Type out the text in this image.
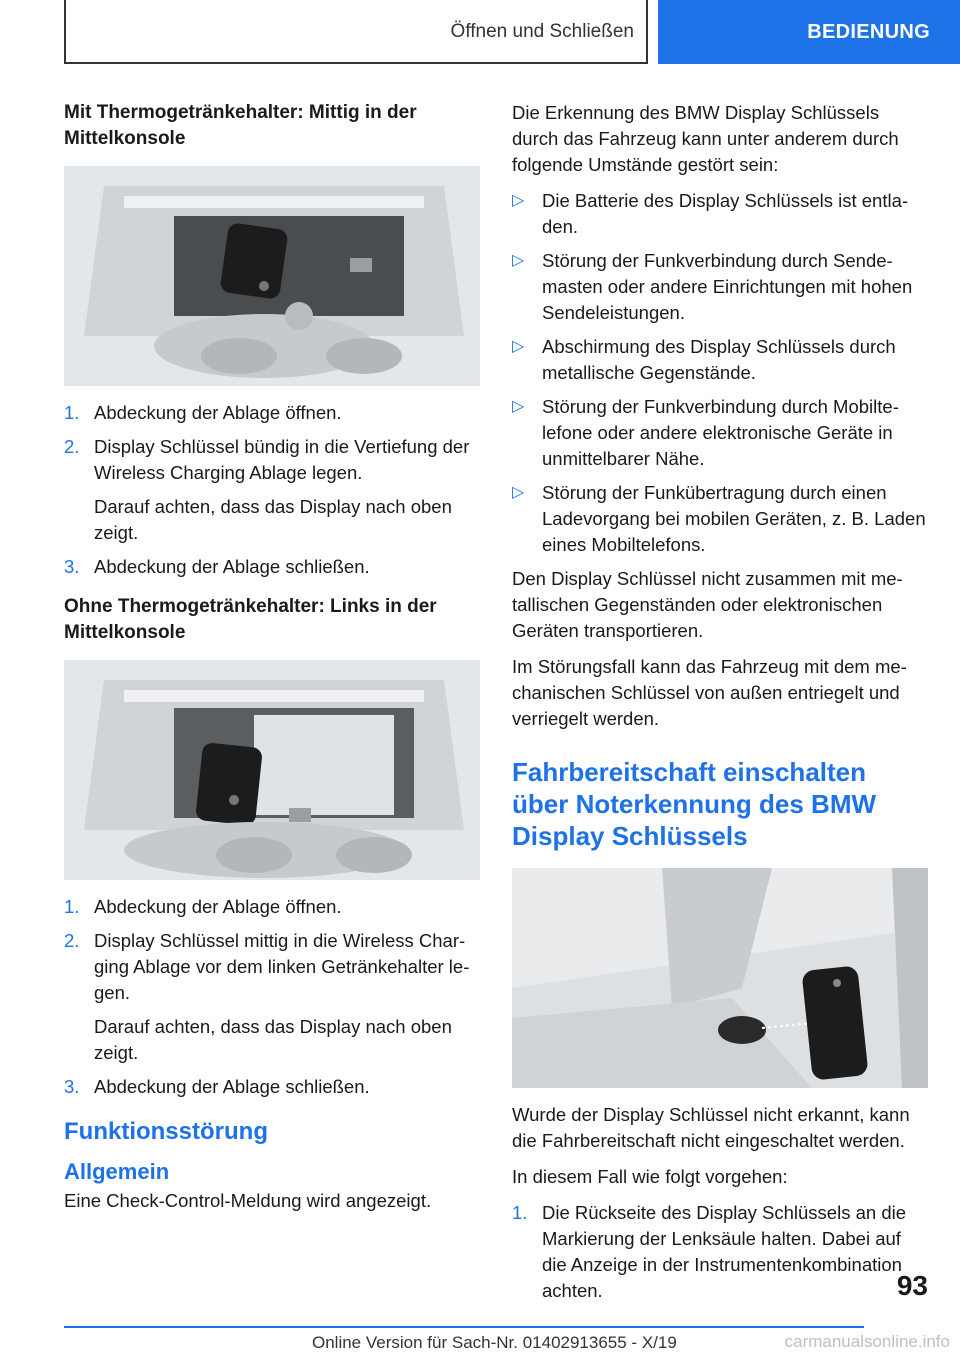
Öffnen und Schließen	BEDIENUNG

Mit Thermogetränkehalter: Mittig in der Mittelkonsole

1. Abdeckung der Ablage öffnen.
2. Display Schlüssel bündig in die Vertiefung der Wireless Charging Ablage legen.
Darauf achten, dass das Display nach oben zeigt.
3. Abdeckung der Ablage schließen.

Ohne Thermogetränkehalter: Links in der Mittelkonsole

1. Abdeckung der Ablage öffnen.
2. Display Schlüssel mittig in die Wireless Charging Ablage vor dem linken Getränkehalter legen.
Darauf achten, dass das Display nach oben zeigt.
3. Abdeckung der Ablage schließen.
Funktionsstörung
Allgemein

Eine Check-Control-Meldung wird angezeigt.

Die Erkennung des BMW Display Schlüssels durch das Fahrzeug kann unter anderem durch folgende Umstände gestört sein:

▷ Die Batterie des Display Schlüssels ist entladen.
▷ Störung der Funkverbindung durch Sendemasten oder andere Einrichtungen mit hohen Sendeleistungen.
▷ Abschirmung des Display Schlüssels durch metallische Gegenstände.
▷ Störung der Funkverbindung durch Mobiltelefone oder andere elektronische Geräte in unmittelbarer Nähe.
▷ Störung der Funkübertragung durch einen Ladevorgang bei mobilen Geräten, z. B. Laden eines Mobiltelefons.

Den Display Schlüssel nicht zusammen mit metallischen Gegenständen oder elektronischen Geräten transportieren.

Im Störungsfall kann das Fahrzeug mit dem mechanischen Schlüssel von außen entriegelt und verriegelt werden.

Fahrbereitschaft einschalten über Noterkennung des BMW Display Schlüssels

Wurde der Display Schlüssel nicht erkannt, kann die Fahrbereitschaft nicht eingeschaltet werden.

In diesem Fall wie folgt vorgehen:

1. Die Rückseite des Display Schlüssels an die Markierung der Lenksäule halten. Dabei auf die Anzeige in der Instrumentenkombination achten.	93
Online Version für Sach-Nr. 01402913655 - X/19	carmanualsonline.info
